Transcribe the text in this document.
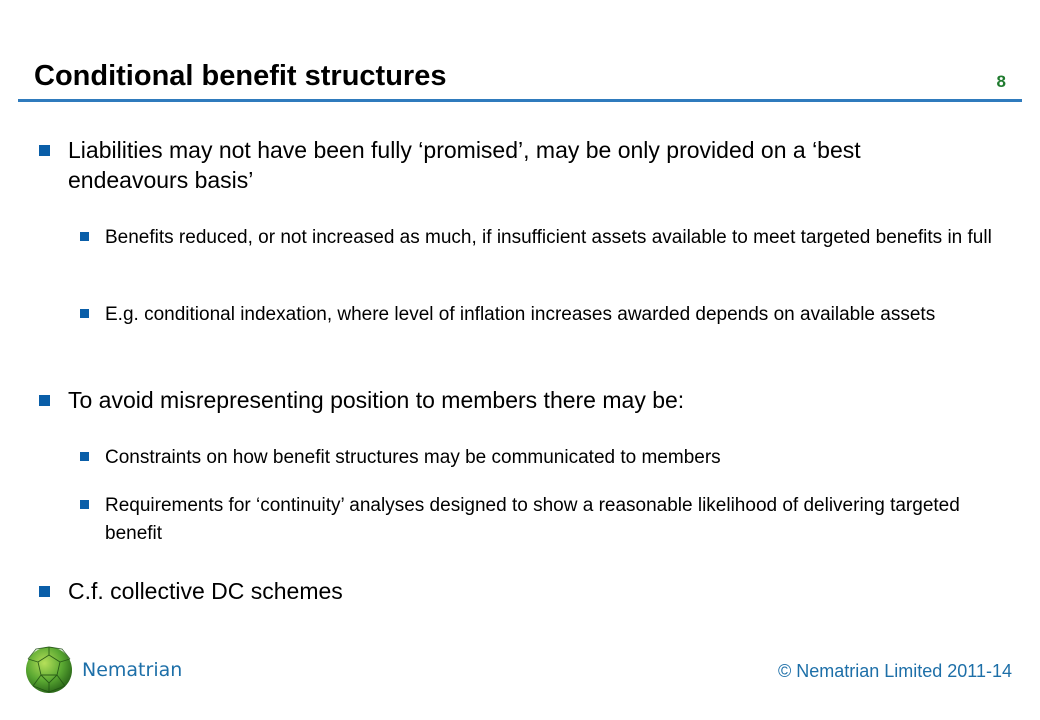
Conditional benefit structures	8
Liabilities may not have been fully ‘promised’, may be only provided on a ‘best endeavours basis’
Benefits reduced, or not increased as much, if insufficient assets available to meet targeted benefits in full
E.g. conditional indexation, where level of inflation increases awarded depends on available assets
To avoid misrepresenting position to members there may be:
Constraints on how benefit structures may be communicated to members
Requirements for ‘continuity’ analyses designed to show a reasonable likelihood of delivering targeted benefit
C.f. collective DC schemes
Nematrian	© Nematrian Limited 2011-14
